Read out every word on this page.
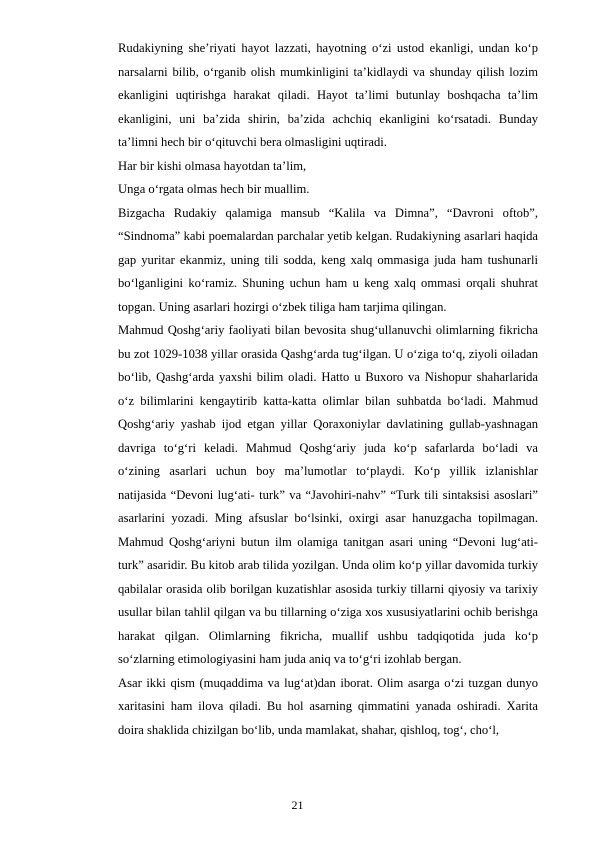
Rudakiyning she’riyati hayot lazzati, hayotning o‘zi ustod ekanligi, undan ko‘p narsalarni bilib, o‘rganib olish mumkinligini ta’kidlaydi va shunday qilish lozim ekanligini uqtirishga harakat qiladi. Hayot ta’limi butunlay boshqacha ta’lim ekanligini, uni ba’zida shirin, ba’zida achchiq ekanligini ko‘rsatadi. Bunday ta’limni hech bir o‘qituvchi bera olmasligini uqtiradi.

Har bir kishi olmasa hayotdan ta’lim,

Unga o‘rgata olmas hech bir muallim.

Bizgacha Rudakiy qalamiga mansub “Kalila va Dimna”, “Davroni oftob”, “Sindnoma” kabi poemalardan parchalar yetib kelgan. Rudakiyning asarlari haqida gap yuritar ekanmiz, uning tili sodda, keng xalq ommasiga juda ham tushunarli bo‘lganligini ko‘ramiz. Shuning uchun ham u keng xalq ommasi orqali shuhrat topgan. Uning asarlari hozirgi o‘zbek tiliga ham tarjima qilingan.

Mahmud Qoshg‘ariy faoliyati bilan bevosita shug‘ullanuvchi olimlarning fikricha bu zot 1029-1038 yillar orasida Qashg‘arda tug‘ilgan. U o‘ziga to‘q, ziyoli oiladan bo‘lib, Qashg‘arda yaxshi bilim oladi. Hatto u Buxoro va Nishopur shaharlarida o‘z bilimlarini kengaytirib katta-katta olimlar bilan suhbatda bo‘ladi. Mahmud Qoshg‘ariy yashab ijod etgan yillar Qoraxoniylar davlatining gullab-yashnagan davriga to‘g‘ri keladi. Mahmud Qoshg‘ariy juda ko‘p safarlarda bo‘ladi va o‘zining asarlari uchun boy ma’lumotlar to‘playdi. Ko‘p yillik izlanishlar natijasida “Devoni lug‘ati- turk” va “Javohiri-nahv” “Turk tili sintaksisi asoslari” asarlarini yozadi. Ming afsuslar bo‘lsinki, oxirgi asar hanuzgacha topilmagan. Mahmud Qoshg‘ariyni butun ilm olamiga tanitgan asari uning “Devoni lug‘ati-turk” asaridir. Bu kitob arab tilida yozilgan. Unda olim ko‘p yillar davomida turkiy qabilalar orasida olib borilgan kuzatishlar asosida turkiy tillarni qiyosiy va tarixiy usullar bilan tahlil qilgan va bu tillarning o‘ziga xos xususiyatlarini ochib berishga harakat qilgan. Olimlarning fikricha, muallif ushbu tadqiqotida juda ko‘p so‘zlarning etimologiyasini ham juda aniq va to‘g‘ri izohlab bergan.

Asar ikki qism (muqaddima va lug‘at)dan iborat. Olim asarga o‘zi tuzgan dunyo xaritasini ham ilova qiladi. Bu hol asarning qimmatini yanada oshiradi. Xarita doira shaklida chizilgan bo‘lib, unda mamlakat, shahar, qishloq, tog‘, cho‘l,

21
